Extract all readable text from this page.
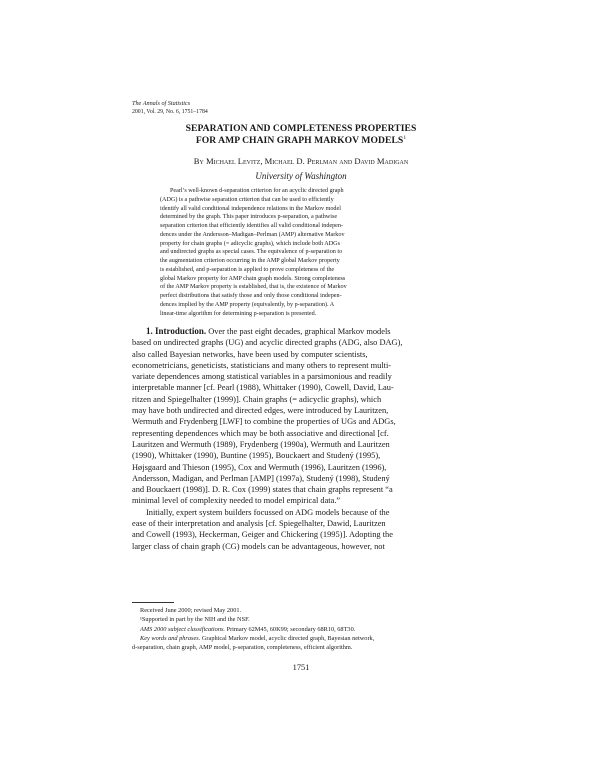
The Annals of Statistics
2001, Vol. 29, No. 6, 1751–1784
SEPARATION AND COMPLETENESS PROPERTIES
FOR AMP CHAIN GRAPH MARKOV MODELS$^1$
By Michael Levitz, Michael D. Perlman and David Madigan
University of Washington
Pearl’s well-known d-separation criterion for an acyclic directed graph
(ADG) is a pathwise separation criterion that can be used to efficiently
identify all valid conditional independence relations in the Markov model
determined by the graph. This paper introduces p-separation, a pathwise
separation criterion that efficiently identifies all valid conditional indepen-
dences under the Andersson–Madigan–Perlman (AMP) alternative Markov
property for chain graphs (= adicyclic graphs), which include both ADGs
and undirected graphs as special cases. The equivalence of p-separation to
the augmentation criterion occurring in the AMP global Markov property
is established, and p-separation is applied to prove completeness of the
global Markov property for AMP chain graph models. Strong completeness
of the AMP Markov property is established, that is, the existence of Markov
perfect distributions that satisfy those and only those conditional indepen-
dences implied by the AMP property (equivalently, by p-separation). A
linear-time algorithm for determining p-separation is presented.
1. Introduction. Over the past eight decades, graphical Markov models
based on undirected graphs (UG) and acyclic directed graphs (ADG, also DAG),
also called Bayesian networks, have been used by computer scientists,
econometricians, geneticists, statisticians and many others to represent multi-
variate dependences among statistical variables in a parsimonious and readily
interpretable manner [cf. Pearl (1988), Whittaker (1990), Cowell, David, Lau-
ritzen and Spiegelhalter (1999)]. Chain graphs (= adicyclic graphs), which
may have both undirected and directed edges, were introduced by Lauritzen,
Wermuth and Frydenberg [LWF] to combine the properties of UGs and ADGs,
representing dependences which may be both associative and directional [cf.
Lauritzen and Wermuth (1989), Frydenberg (1990a), Wermuth and Lauritzen
(1990), Whittaker (1990), Buntine (1995), Bouckaert and Studený (1995),
Højsgaard and Thieson (1995), Cox and Wermuth (1996), Lauritzen (1996),
Andersson, Madigan, and Perlman [AMP] (1997a), Studený (1998), Studený
and Bouckaert (1998)]. D. R. Cox (1999) states that chain graphs represent “a
minimal level of complexity needed to model empirical data.”
Initially, expert system builders focussed on ADG models because of the
ease of their interpretation and analysis [cf. Spiegelhalter, Dawid, Lauritzen
and Cowell (1993), Heckerman, Geiger and Chickering (1995)]. Adopting the
larger class of chain graph (CG) models can be advantageous, however, not
Received June 2000; revised May 2001.
¹Supported in part by the NIH and the NSF.
AMS 2000 subject classifications. Primary 62M45, 60K99; secondary 68R10, 68T30.
Key words and phrases. Graphical Markov model, acyclic directed graph, Bayesian network,
d-separation, chain graph, AMP model, p-separation, completeness, efficient algorithm.
1751
